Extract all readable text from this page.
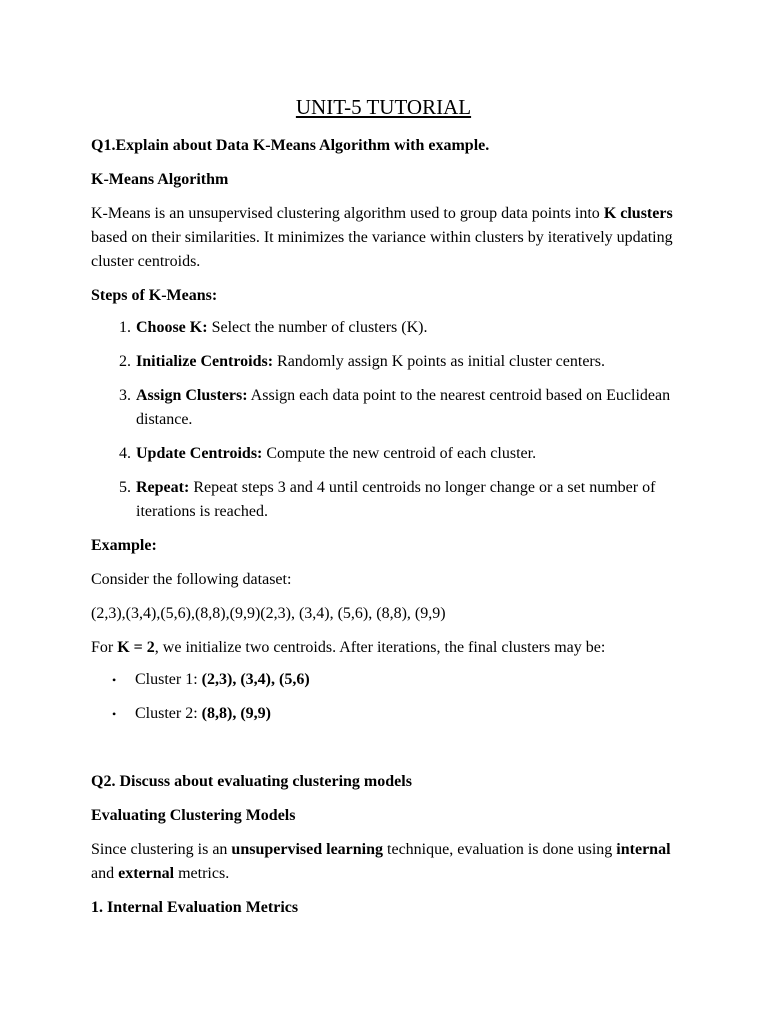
UNIT-5 TUTORIAL

Q1.Explain about Data K-Means Algorithm with example.

K-Means Algorithm

K-Means is an unsupervised clustering algorithm used to group data points into K clusters based on their similarities. It minimizes the variance within clusters by iteratively updating cluster centroids.

Steps of K-Means:

1. Choose K: Select the number of clusters (K).
2. Initialize Centroids: Randomly assign K points as initial cluster centers.
3. Assign Clusters: Assign each data point to the nearest centroid based on Euclidean distance.
4. Update Centroids: Compute the new centroid of each cluster.
5. Repeat: Repeat steps 3 and 4 until centroids no longer change or a set number of iterations is reached.

Example:

Consider the following dataset:

(2,3),(3,4),(5,6),(8,8),(9,9)(2,3), (3,4), (5,6), (8,8), (9,9)

For K = 2, we initialize two centroids. After iterations, the final clusters may be:

• Cluster 1: (2,3), (3,4), (5,6)
• Cluster 2: (8,8), (9,9)

Q2. Discuss about evaluating clustering models

Evaluating Clustering Models

Since clustering is an unsupervised learning technique, evaluation is done using internal and external metrics.

1. Internal Evaluation Metrics
